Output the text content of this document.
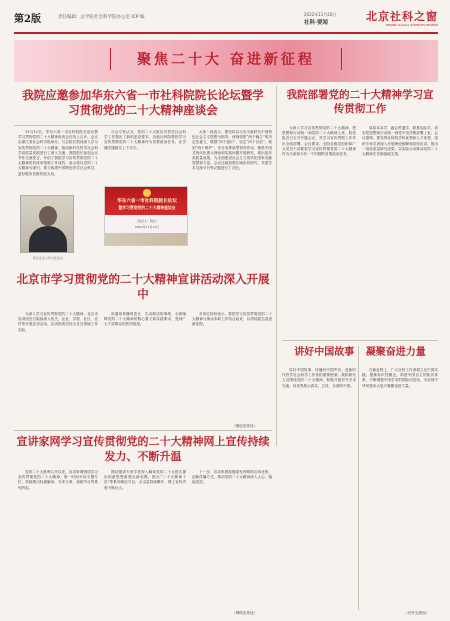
第2版	责任编辑：总学院社会科学院办公室 ICP 编
2022年11月20日
社科·要闻	北京社科之窗
BEIJING SOCIAL SCIENCES REVIEW
聚焦二十大 奋进新征程
我院应邀参加华东六省一市社科院院长论坛暨学习贯彻党的二十大精神座谈会
11月12日，华东六省一市社科院院长论坛暨学习贯彻党的二十大精神座谈会在线上召开。会议由浙江省社会科学院承办。与会院长围绕深入学习宣传贯彻党的二十大精神、推动新时代哲学社会科学高质量发展进行了深入交流。我院院长参加会议并作交流发言，介绍了我院学习宣传贯彻党的二十大精神的具体举措和工作成效，表示将以党的二十大精神为指引，着力构建中国特色哲学社会科学，更好服务首都发展大局。
与会专家认为，党的二十大报告对哲学社会科学工作提出了新的更高要求，各地社科院要把学习宣传贯彻党的二十大精神作为首要政治任务，在学懂弄通做实上下功夫。
大家一致表示，要坚持以习近平新时代中国特色社会主义思想为指导，深刻领悟“两个确立”的决定性意义，增强“四个意识”、坚定“四个自信”、做到“两个维护”，充分发挥新型智库作用，聚焦中国式现代化重大理论和实践问题开展研究，推出更多高质量成果，为全面建设社会主义现代化国家贡献智慧和力量。会议还就加强区域协同研究、共建学术交流平台等议题进行了讨论。
院长在会上作交流发言
华东六省一市社科院院长论坛
暨学习贯彻党的二十大精神座谈会
（发言人：院长）
2022年11月12日
我院部署党的二十大精神学习宣传贯彻工作
为深入学习宣传贯彻党的二十大精神，把思想和行动统一到党的二十大精神上来，院党组近日召开专题会议，对学习宣传贯彻工作作出全面部署。会议要求，全院各级党组织和广大党员干部要把学习宣传贯彻党的二十大精神作为当前和今后一个时期的首要政治任务，
原原本本学、融会贯通学、联系实际学，切实把思想和行动统一到党中央决策部署上来。会议强调，要发挥社科院学科优势和人才优势，组织专家学者深入开展理论阐释和宣传宣讲，推出一批高质量研究成果，以实际行动推动党的二十大精神在首都落地生根。
北京市学习贯彻党的二十大精神宣讲活动深入开展中
为深入学习宣传贯彻党的二十大精神，北京市宣讲团近日陆续深入机关、企业、学校、社区、农村等开展宣讲活动。宣讲团成员结合各自领域工作实际，
用通俗易懂的语言、生动鲜活的事例，全面阐释党的二十大精神的核心要义和实践要求，受到广大干部群众的热烈欢迎。
各单位纷纷表示，要把学习宣传贯彻党的二十大精神与推动本职工作结合起来，以昂扬姿态奋进新征程。
（理论宣传处）
宣讲家网学习宣传贯彻党的二十大精神网上宣传持续发力、不断升温
党的二十大胜利召开以来，宣讲家网围绕学习宣传贯彻党的二十大精神，第一时间开设专题专栏，持续推出权威解读、专家文章、视频节目等系列内容。
网站邀请专家学者深入解读党的二十大报告提出的新思想新观点新论断，推出“二十大精神十讲”等系列理论节目，点击量持续攀升，网上宣传声势不断壮大。
下一步，宣讲家网将继续发挥网络宣传优势，创新传播方式，推动党的二十大精神深入人心、落地见效。
（网络宣传处）
讲好中国故事 凝聚奋进力量
讲好中国故事，传播好中国声音，是新时代哲学社会科学工作者的重要使命。我院研究人员围绕党的二十大精神，积极开展对外学术交流，向世界展示真实、立体、全面的中国。
在新征程上，广大社科工作者将立足中国实践，提炼标识性概念，构建中国自主的知识体系，不断增强中国学术的国际话语权，为实现中华民族伟大复兴凝聚奋进力量。
（对外交流处）
